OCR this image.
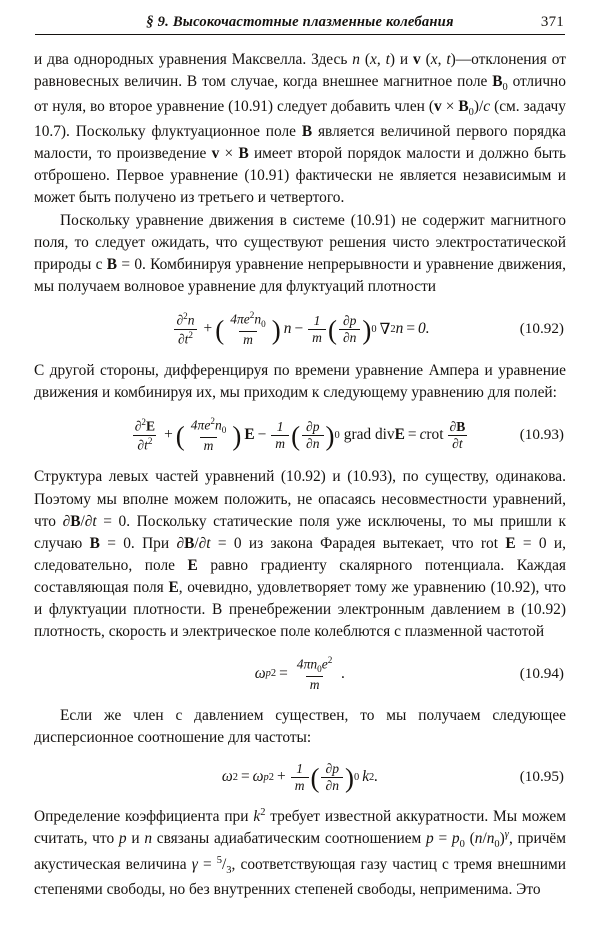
§ 9. Высокочастотные плазменные колебания	371

и два однородных уравнения Максвелла. Здесь n (x, t) и v (x, t)—отклонения от равновесных величин. В том случае, когда внешнее магнитное поле $B_0$ отлично от нуля, во второе уравнение (10.91) следует добавить член $(v \times B_0)/c$ (см. задачу 10.7). Поскольку флуктуационное поле B является величиной первого порядка малости, то произведение v × B имеет второй порядок малости и должно быть отброшено. Первое уравнение (10.91) фактически не является независимым и может быть получено из третьего и четвертого.

Поскольку уравнение движения в системе (10.91) не содержит магнитного поля, то следует ожидать, что существуют решения чисто электростатической природы с B = 0. Комбинируя уравнение непрерывности и уравнение движения, мы получаем волновое уравнение для флуктуаций плотности

$\frac{\partial^2n}{\partial t^2}$ + ( $\frac{4\pi e^2n_0}{m}$ ) $n - \frac{1}{m}$ ( $\frac{\partial p}{\partial n}$ ) 0 ∇ 2 n = 0.	(10.92)

С другой стороны, дифференцируя по времени уравнение Ампера и уравнение движения и комбинируя их, мы приходим к следующему уравнению для полей:

$\frac{\partial^2E}{\partial t^2}$ + ( $\frac{4\pi e^2n_0}{m}$ ) $E - \frac{1}{m}$ ( $\frac{\partial p}{\partial n}$ ) 0 grad div E = c rot $\frac{\partial B}{\partial t}$	(10.93)

Структура левых частей уравнений (10.92) и (10.93), по существу, одинакова. Поэтому мы вполне можем положить, не опасаясь несовместности уравнений, что ∂B/∂t = 0. Поскольку статические поля уже исключены, то мы пришли к случаю B = 0. При ∂B/∂t = 0 из закона Фарадея вытекает, что rot E = 0 и, следовательно, поле E равно градиенту скалярного потенциала. Каждая составляющая поля E, очевидно, удовлетворяет тому же уравнению (10.92), что и флуктуации плотности. В пренебрежении электронным давлением в (10.92) плотность, скорость и электрическое поле колеблются с плазменной частотой

ω p $2 = \frac{4\pi n_0e^2}{m}$ .	(10.94)

Если же член с давлением существен, то мы получаем следующее дисперсионное соотношение для частоты:

ω 2 = ω p $2 + \frac{1}{m}$ ( $\frac{\partial p}{\partial n}$ ) 0 k 2 .	(10.95)

Определение коэффициента при $k^2$ требует известной аккуратности. Мы можем считать, что p и n связаны адиабатическим соотношением $p = p_0$ $(n/n_0)^\gamma$, причём акустическая величина $\gamma = ^5/_3$, соответствующая газу частиц с тремя внешними степенями свободы, но без внутренних степеней свободы, неприменима. Это
